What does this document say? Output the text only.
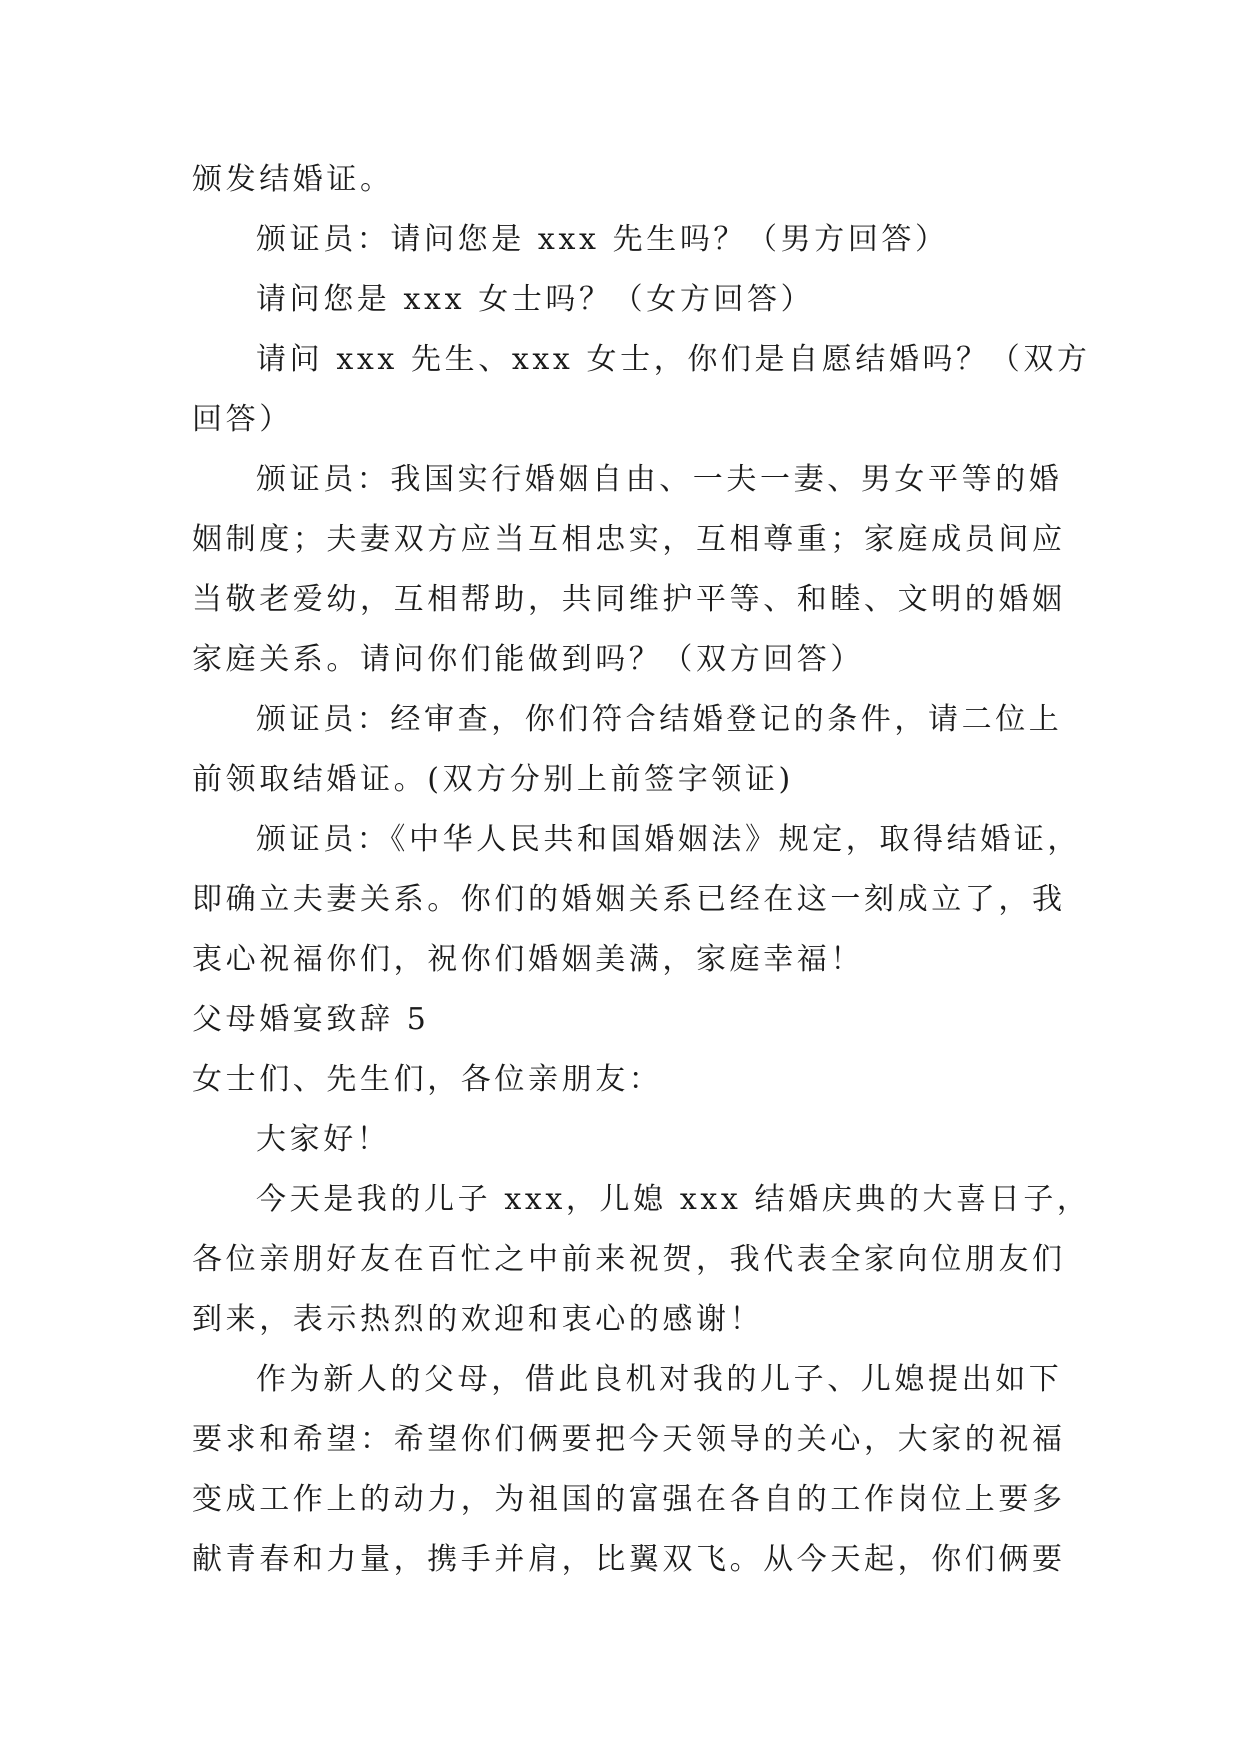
颁发结婚证。
颁证员：请问您是 xxx 先生吗？（男方回答）
请问您是 xxx 女士吗？（女方回答）
请问 xxx 先生、xxx 女士，你们是自愿结婚吗？（双方
回答）
颁证员：我国实行婚姻自由、一夫一妻、男女平等的婚
姻制度；夫妻双方应当互相忠实，互相尊重；家庭成员间应
当敬老爱幼，互相帮助，共同维护平等、和睦、文明的婚姻
家庭关系。请问你们能做到吗？（双方回答）
颁证员：经审查，你们符合结婚登记的条件，请二位上
前领取结婚证。(双方分别上前签字领证)
颁证员：《中华人民共和国婚姻法》规定，取得结婚证，
即确立夫妻关系。你们的婚姻关系已经在这一刻成立了，我
衷心祝福你们，祝你们婚姻美满，家庭幸福！
父母婚宴致辞 5
女士们、先生们，各位亲朋友：
大家好！
今天是我的儿子 xxx，儿媳 xxx 结婚庆典的大喜日子，
各位亲朋好友在百忙之中前来祝贺，我代表全家向位朋友们
到来，表示热烈的欢迎和衷心的感谢！
作为新人的父母，借此良机对我的儿子、儿媳提出如下
要求和希望：希望你们俩要把今天领导的关心，大家的祝福
变成工作上的动力，为祖国的富强在各自的工作岗位上要多
献青春和力量，携手并肩，比翼双飞。从今天起，你们俩要
